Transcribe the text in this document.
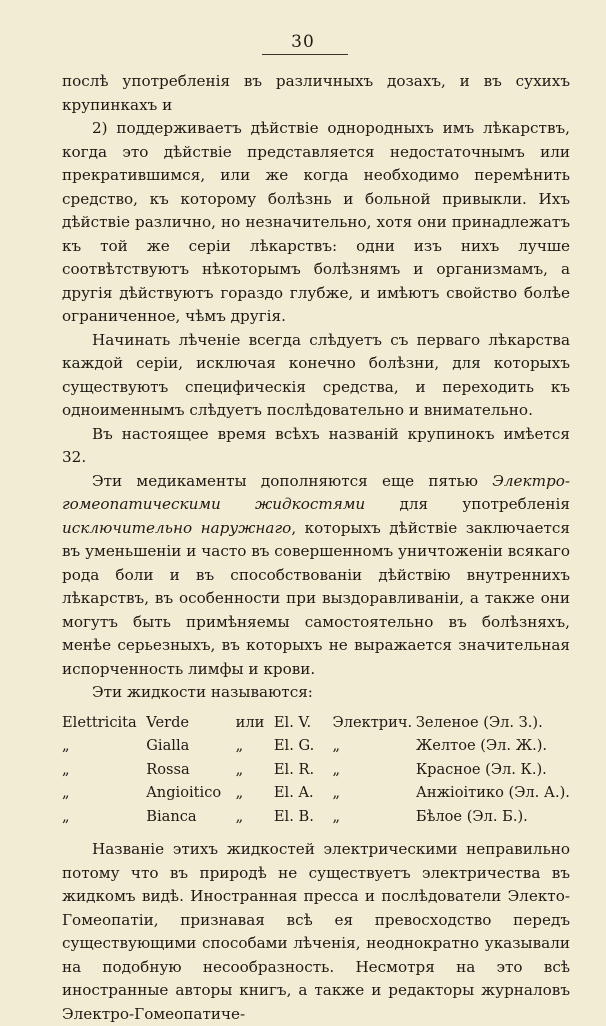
30

послѣ употребленія въ различныхъ дозахъ, и въ сухихъ крупинкахъ и

2) поддерживаетъ дѣйствіе однородныхъ имъ лѣкарствъ, когда это дѣйствіе представляется недостаточнымъ или прекратившимся, или же когда необходимо перемѣнить средство, къ которому болѣзнь и больной привыкли. Ихъ дѣйствіе различно, но незначительно, хотя они принадлежатъ къ той же серіи лѣкарствъ: одни изъ нихъ лучше соотвѣтствуютъ нѣкоторымъ болѣзнямъ и организмамъ, а другія дѣйствуютъ гораздо глубже, и имѣютъ свойство болѣе ограниченное, чѣмъ другія.

Начинать лѣченіе всегда слѣдуетъ съ перваго лѣкарства каждой серіи, исключая конечно болѣзни, для которыхъ существуютъ специфическія средства, и переходить къ одноименнымъ слѣдуетъ послѣдовательно и внимательно.

Въ настоящее время всѣхъ названій крупинокъ имѣется 32.

Эти медикаменты дополняются еще пятью Электро-гомеопатическими жидкостями для употребленія исключительно наружнаго, которыхъ дѣйствіе заключается въ уменьшеніи и часто въ совершенномъ уничтоженіи всякаго рода боли и въ способствованіи дѣйствію внутреннихъ лѣкарствъ, въ особенности при выздоравливаніи, а также они могутъ быть примѣняемы самостоятельно въ болѣзняхъ, менѣе серьезныхъ, въ которыхъ не выражается значительная испорченность лимфы и крови.

Эти жидкости называются:

Elettricita	Verde	или	El. V.	Электрич.	Зеленое (Эл. З.).
„	Gialla	„	El. G.	„	Желтое (Эл. Ж.).
„	Rossa	„	El. R.	„	Красное (Эл. К.).
„	Angioitico	„	El. A.	„	Анжіоітико (Эл. А.).
„	Bianca	„	El. B.	„	Бѣлое (Эл. Б.).

Названіе этихъ жидкостей электрическими неправильно потому что въ природѣ не существуетъ электричества въ жидкомъ видѣ. Иностранная пресса и послѣдователи Электо-Гомеопатіи, признавая всѣ ея превосходство передъ существующими способами лѣченія, неоднократно указывали на подобную несообразность. Несмотря на это всѣ иностранные авторы книгъ, а также и редакторы журналовъ Электро-Гомеопатиче-
